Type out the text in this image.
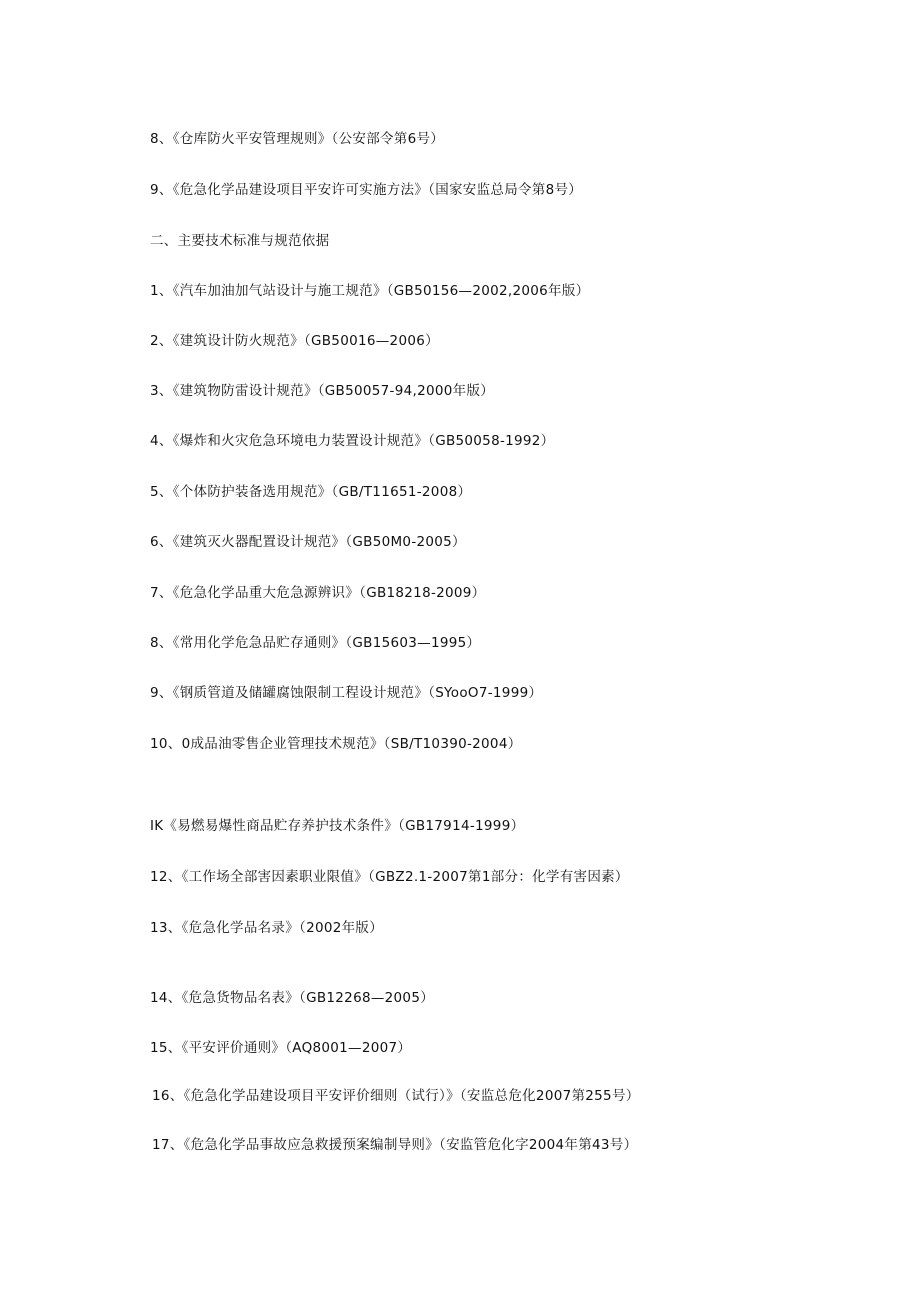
8、《仓库防火平安管理规则》（公安部令第6号）
9、《危急化学品建设项目平安许可实施方法》（国家安监总局令第8号）
二、主要技术标准与规范依据
1、《汽车加油加气站设计与施工规范》（GB50156—2002,2006年版）
2、《建筑设计防火规范》（GB50016—2006）
3、《建筑物防雷设计规范》（GB50057-94,2000年版）
4、《爆炸和火灾危急环境电力装置设计规范》（GB50058-1992）
5、《个体防护装备选用规范》（GB/T11651-2008）
6、《建筑灭火器配置设计规范》（GB50M0-2005）
7、《危急化学品重大危急源辨识》（GB18218-2009）
8、《常用化学危急品贮存通则》（GB15603—1995）
9、《钢质管道及储罐腐蚀限制工程设计规范》（SYooO7-1999）
10、0成品油零售企业管理技术规范》（SB/T10390-2004）
IK《易燃易爆性商品贮存养护技术条件》（GB17914-1999）
12、《工作场全部害因素职业限值》（GBZ2.1-2007第1部分：化学有害因素）
13、《危急化学品名录》（2002年版）
14、《危急货物品名表》（GB12268—2005）
15、《平安评价通则》（AQ8001—2007）
16、《危急化学品建设项目平安评价细则（试行）》（安监总危化2007第255号）
17、《危急化学品事故应急救援预案编制导则》（安监管危化字2004年第43号）
